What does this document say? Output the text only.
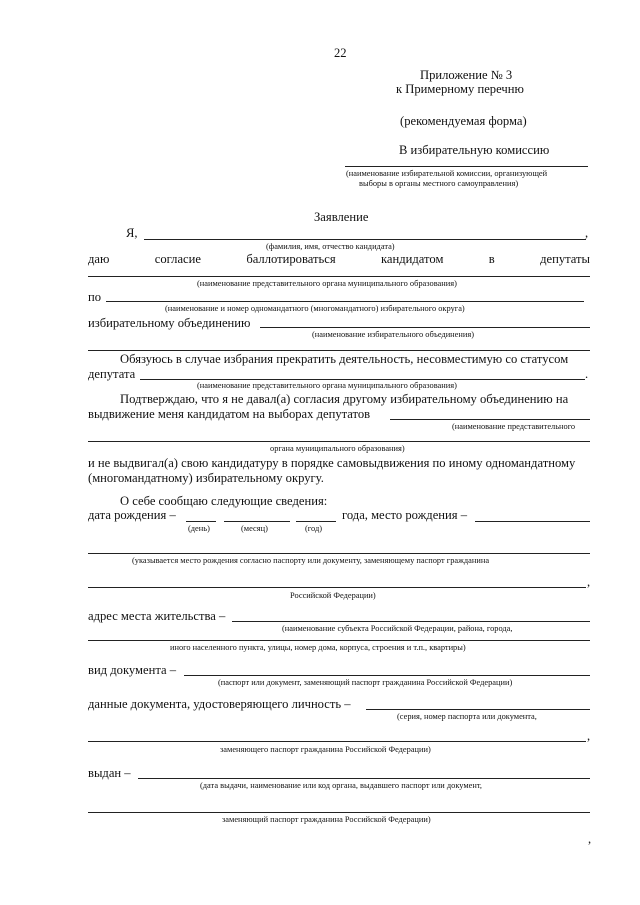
22
Приложение № 3
к Примерному перечню
(рекомендуемая форма)
В избирательную комиссию
(наименование избирательной комиссии, организующей
выборы в органы местного самоуправления)
Заявление
Я,	,
(фамилия, имя, отчество кандидата)
даю	согласие	баллотироваться	кандидатом	в	депутаты
(наименование представительного органа муниципального образования)
по
(наименование и номер одномандатного (многомандатного) избирательного округа)
избирательному объединению
(наименование избирательного объединения)
Обязуюсь в случае избрания прекратить деятельность, несовместимую со статусом
депутата	.
(наименование представительного органа муниципального образования)
Подтверждаю, что я не давал(а) согласия другому избирательному объединению на
выдвижение меня кандидатом на выборах депутатов
(наименование представительного
органа муниципального образования)
и не выдвигал(а) свою кандидатуру в порядке самовыдвижения по иному одномандатному
(многомандатному) избирательному округу.
О себе сообщаю следующие сведения:
дата рождения –
(день)	(месяц)	(год)
года, место рождения –
(указывается место рождения согласно паспорту или документу, заменяющему паспорт гражданина
,
Российской Федерации)
адрес места жительства –
(наименование субъекта Российской Федерации, района, города,
иного населенного пункта, улицы, номер дома, корпуса, строения и т.п., квартиры)
вид документа –
(паспорт или документ, заменяющий паспорт гражданина Российской Федерации)
данные документа, удостоверяющего личность –
(серия, номер паспорта или документа,
,
заменяющего паспорт гражданина Российской Федерации)
выдан –
(дата выдачи, наименование или код органа, выдавшего паспорт или документ,
заменяющий паспорт гражданина Российской Федерации)
,
